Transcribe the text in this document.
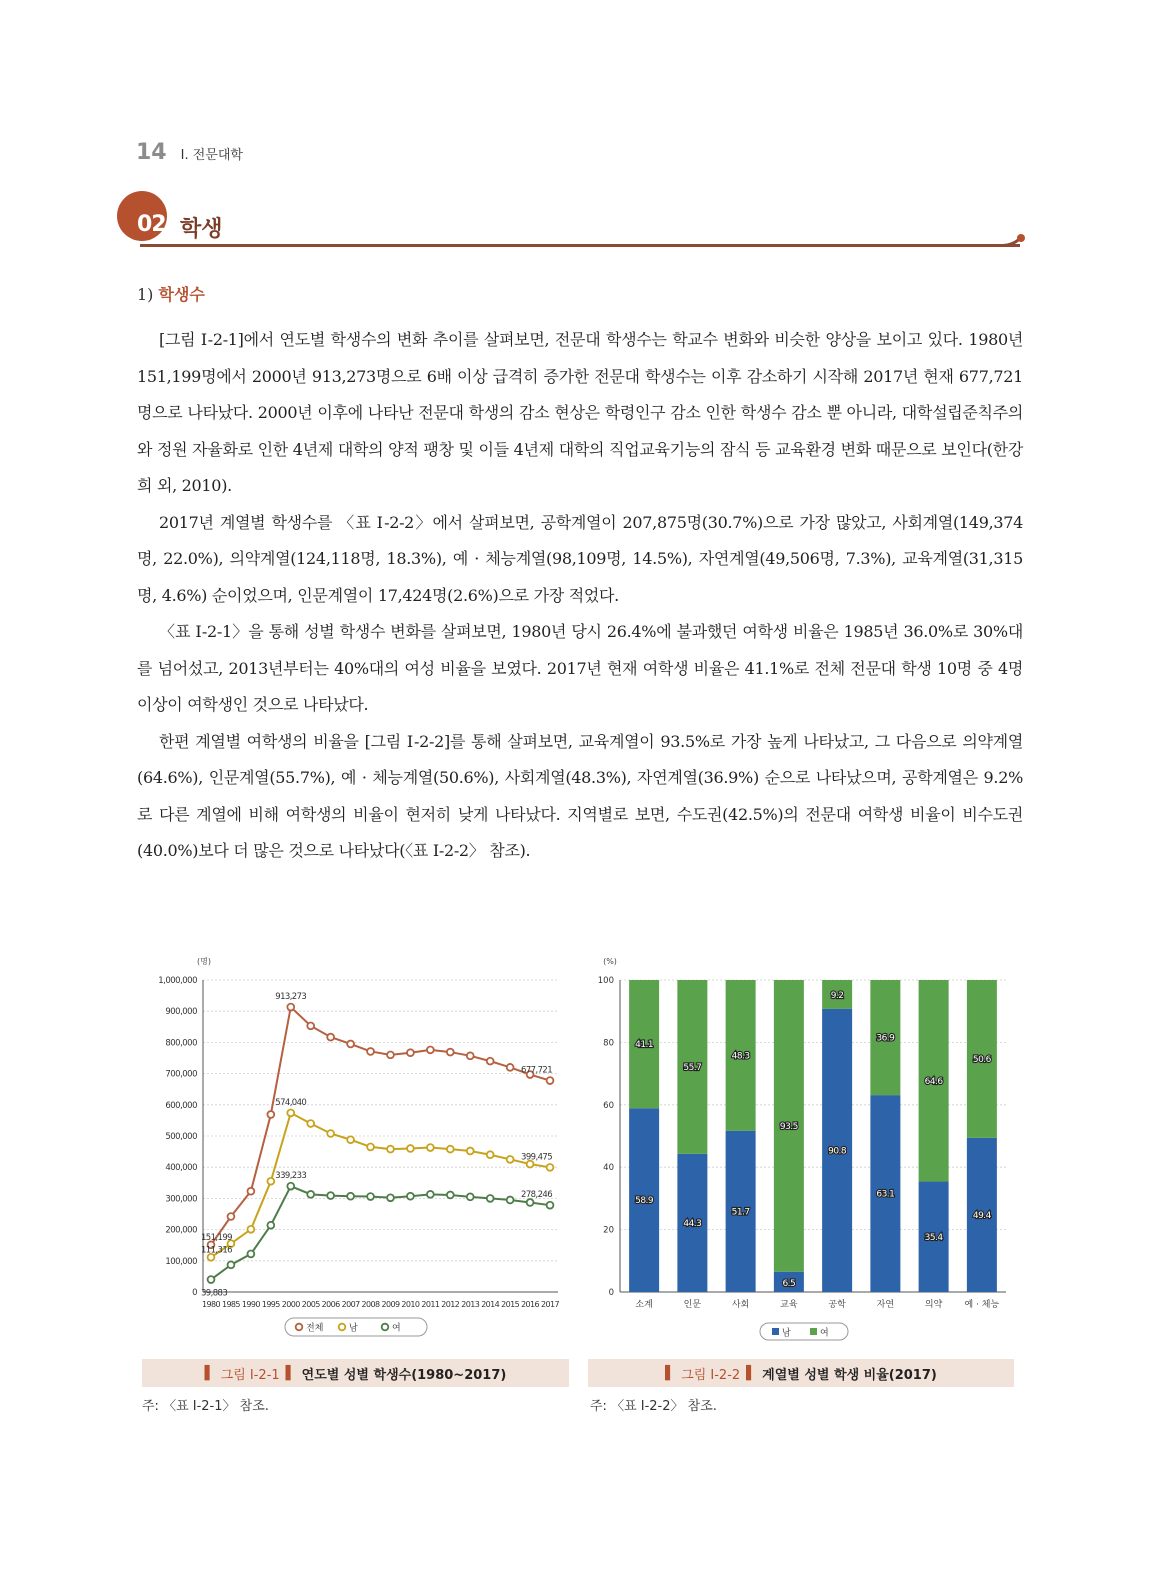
14 Ⅰ. 전문대학
02 학생
1) 학생수

[그림 Ⅰ-2-1]에서 연도별 학생수의 변화 추이를 살펴보면, 전문대 학생수는 학교수 변화와 비슷한 양상을 보이고 있다. 1980년 151,199명에서 2000년 913,273명으로 6배 이상 급격히 증가한 전문대 학생수는 이후 감소하기 시작해 2017년 현재 677,721명으로 나타났다. 2000년 이후에 나타난 전문대 학생의 감소 현상은 학령인구 감소 인한 학생수 감소 뿐 아니라, 대학설립준칙주의와 정원 자율화로 인한 4년제 대학의 양적 팽창 및 이들 4년제 대학의 직업교육기능의 잠식 등 교육환경 변화 때문으로 보인다(한강희 외, 2010).

2017년 계열별 학생수를 〈표 Ⅰ-2-2〉에서 살펴보면, 공학계열이 207,875명(30.7%)으로 가장 많았고, 사회계열(149,374명, 22.0%), 의약계열(124,118명, 18.3%), 예 · 체능계열(98,109명, 14.5%), 자연계열(49,506명, 7.3%), 교육계열(31,315명, 4.6%) 순이었으며, 인문계열이 17,424명(2.6%)으로 가장 적었다.

〈표 Ⅰ-2-1〉을 통해 성별 학생수 변화를 살펴보면, 1980년 당시 26.4%에 불과했던 여학생 비율은 1985년 36.0%로 30%대를 넘어섰고, 2013년부터는 40%대의 여성 비율을 보였다. 2017년 현재 여학생 비율은 41.1%로 전체 전문대 학생 10명 중 4명 이상이 여학생인 것으로 나타났다.

한편 계열별 여학생의 비율을 [그림 Ⅰ-2-2]를 통해 살펴보면, 교육계열이 93.5%로 가장 높게 나타났고, 그 다음으로 의약계열(64.6%), 인문계열(55.7%), 예 · 체능계열(50.6%), 사회계열(48.3%), 자연계열(36.9%) 순으로 나타났으며, 공학계열은 9.2%로 다른 계열에 비해 여학생의 비율이 현저히 낮게 나타났다. 지역별로 보면, 수도권(42.5%)의 전문대 여학생 비율이 비수도권(40.0%)보다 더 많은 것으로 나타났다(〈표 Ⅰ-2-2〉 참조).

(명)
0
100,000
200,000
300,000
400,000
500,000
600,000
700,000
800,000
900,000
1,000,000
1980 1985 1990 1995 2000 2005 2006 2007 2008 2009 2010 2011 2012 2013 2014 2015 2016 2017
151,199
913,273
677,721
111,316
574,040
399,475
39,883
339,233
278,246
전체	남	여
(%)
0
20
40
60
80
100
58.9
41.1
소계
44.3
55.7
인문
51.7
48.3
사회
6.5
93.5
교육
90.8
9.2
공학
63.1
36.9
자연
35.4
64.6
의약
49.4
50.6
예 · 체능
남	여
▌ 그림 Ⅰ-2-1 ▌ 연도별 성별 학생수(1980~2017)	▌ 그림 Ⅰ-2-2 ▌ 계열별 성별 학생 비율(2017)
주: 〈표 Ⅰ-2-1〉 참조.	주: 〈표 Ⅰ-2-2〉 참조.
